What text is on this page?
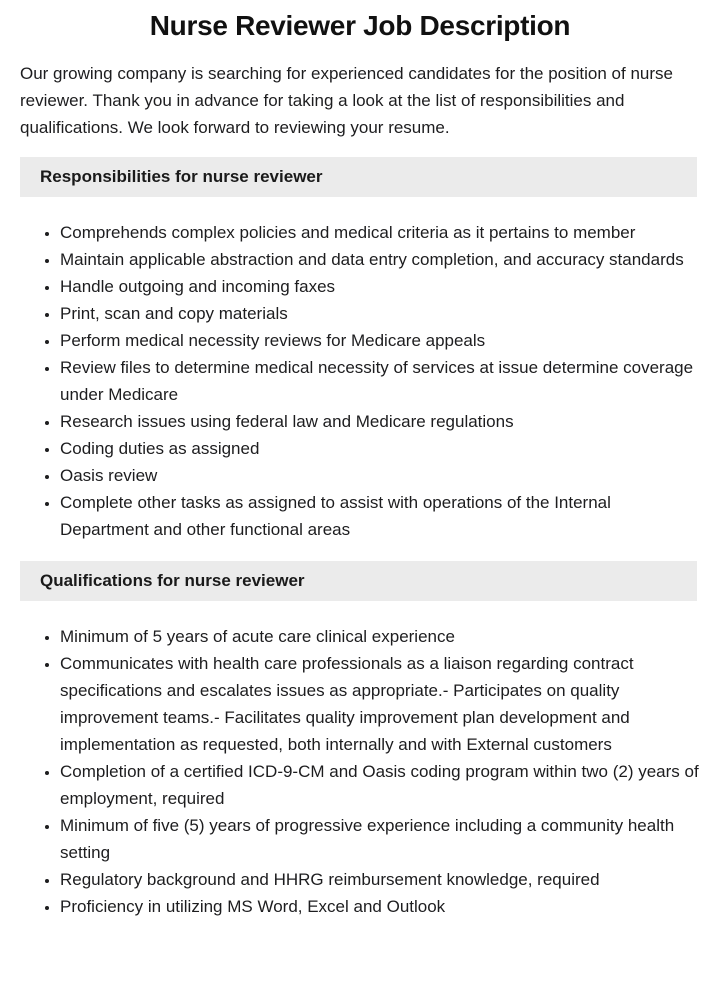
Nurse Reviewer Job Description

Our growing company is searching for experienced candidates for the position of nurse reviewer. Thank you in advance for taking a look at the list of responsibilities and qualifications. We look forward to reviewing your resume.

Responsibilities for nurse reviewer
• Comprehends complex policies and medical criteria as it pertains to member
• Maintain applicable abstraction and data entry completion, and accuracy standards
• Handle outgoing and incoming faxes
• Print, scan and copy materials
• Perform medical necessity reviews for Medicare appeals
• Review files to determine medical necessity of services at issue determine coverage under Medicare
• Research issues using federal law and Medicare regulations
• Coding duties as assigned
• Oasis review
• Complete other tasks as assigned to assist with operations of the Internal Department and other functional areas
Qualifications for nurse reviewer
• Minimum of 5 years of acute care clinical experience
• Communicates with health care professionals as a liaison regarding contract specifications and escalates issues as appropriate.- Participates on quality improvement teams.- Facilitates quality improvement plan development and implementation as requested, both internally and with External customers
• Completion of a certified ICD-9-CM and Oasis coding program within two (2) years of employment, required
• Minimum of five (5) years of progressive experience including a community health setting
• Regulatory background and HHRG reimbursement knowledge, required
• Proficiency in utilizing MS Word, Excel and Outlook
